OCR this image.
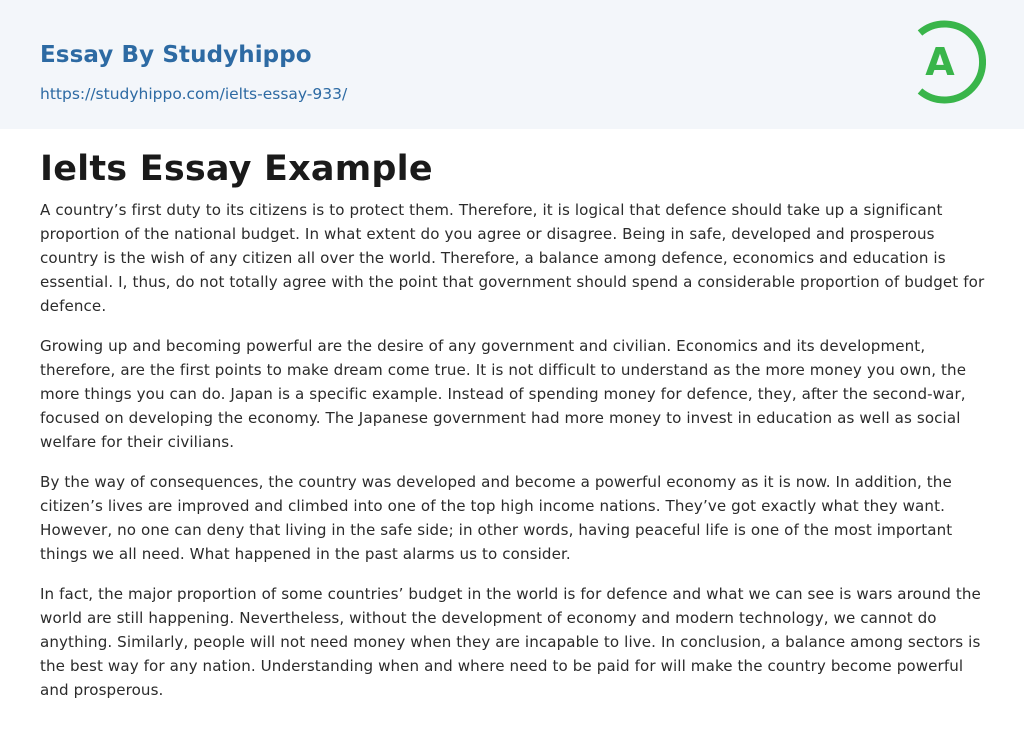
Essay By Studyhippo
https://studyhippo.com/ielts-essay-933/
A
Ielts Essay Example

A country’s first duty to its citizens is to protect them. Therefore, it is logical that defence should take up a significant proportion of the national budget. In what extent do you agree or disagree. Being in safe, developed and prosperous country is the wish of any citizen all over the world. Therefore, a balance among defence, economics and education is essential. I, thus, do not totally agree with the point that government should spend a considerable proportion of budget for defence.

Growing up and becoming powerful are the desire of any government and civilian. Economics and its development, therefore, are the first points to make dream come true. It is not difficult to understand as the more money you own, the more things you can do. Japan is a specific example. Instead of spending money for defence, they, after the second-war, focused on developing the economy. The Japanese government had more money to invest in education as well as social welfare for their civilians.

By the way of consequences, the country was developed and become a powerful economy as it is now. In addition, the citizen’s lives are improved and climbed into one of the top high income nations. They’ve got exactly what they want. However, no one can deny that living in the safe side; in other words, having peaceful life is one of the most important things we all need. What happened in the past alarms us to consider.

In fact, the major proportion of some countries’ budget in the world is for defence and what we can see is wars around the world are still happening. Nevertheless, without the development of economy and modern technology, we cannot do anything. Similarly, people will not need money when they are incapable to live. In conclusion, a balance among sectors is the best way for any nation. Understanding when and where need to be paid for will make the country become powerful and prosperous.
